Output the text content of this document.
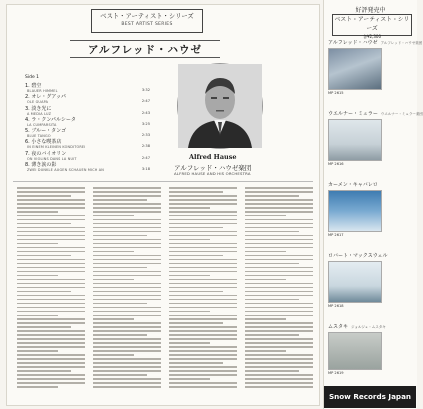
ベスト・アーティスト・シリーズ
BEST ARTIST SERIES
アルフレッド・ハウゼ
Side 1
1. 碧空
BLAUER HIMMEL	3:32
2. オレ・グアッパ
OLE GUAPA	2:47
3. 淡き光に
A MEDIA LUZ	2:43
4. ラ・クンパルシータ
LA CUMPARSITA	3:25
5. ブルー・タンゴ
BLUE TANGO	2:33
6. 小さな喫茶店
IN EINEM KLEINEN KONDITOREI	2:38
7. 夜のバイオリン
ON VIOLINS DANS LA NUIT	2:47
8. 薄き涙の影
ZWEI DUNKLE AUGEN SCHAUEN MICH AN	3:18
Alfred Hause
アルフレッド・ハウゼ楽団
ALFRED HAUSE AND HIS ORCHESTRA
好評発売中
ベスト・アーティスト・シリーズ
各¥2,300
アルフレッド・ハウゼ アルフレッド・ハウゼ楽団
MP 2615
ウエルナー・ミュラー ウエルナー・ミュラー楽団
MP 2616
カーメン・キャバレロ
MP 2617
ロバート・マックスウェル
MP 2618
ムスタキ ジョルジュ・ムスタキ
MP 2619
Snow Records Japan
